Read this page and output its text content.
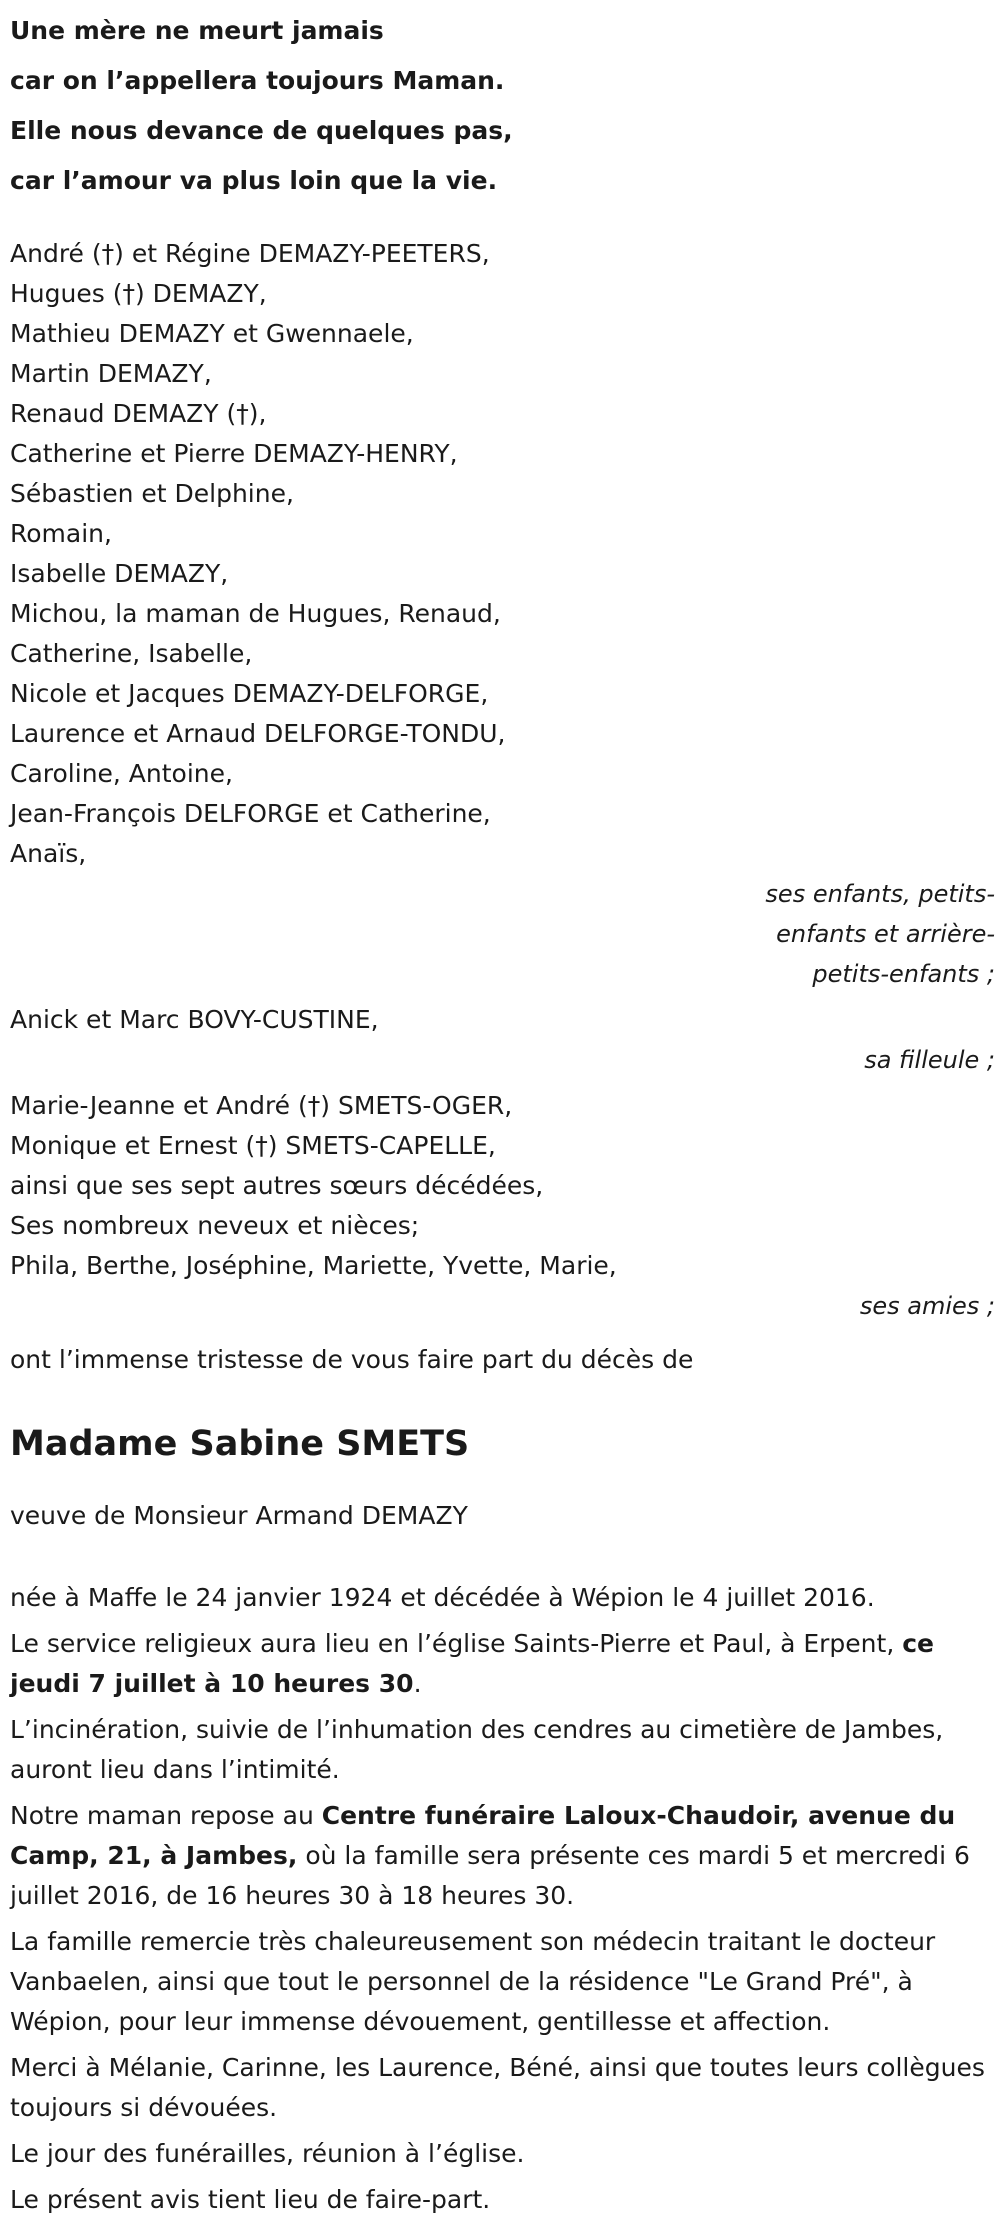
Une mère ne meurt jamais
car on l’appellera toujours Maman.
Elle nous devance de quelques pas,
car l’amour va plus loin que la vie.
André (†) et Régine DEMAZY-PEETERS,
Hugues (†) DEMAZY,
Mathieu DEMAZY et Gwennaele,
Martin DEMAZY,
Renaud DEMAZY (†),
Catherine et Pierre DEMAZY-HENRY,
Sébastien et Delphine,
Romain,
Isabelle DEMAZY,
Michou, la maman de Hugues, Renaud,
Catherine, Isabelle,
Nicole et Jacques DEMAZY-DELFORGE,
Laurence et Arnaud DELFORGE-TONDU,
Caroline, Antoine,
Jean-François DELFORGE et Catherine,
Anaïs,
ses enfants, petits-
enfants et arrière-
petits-enfants ;
Anick et Marc BOVY-CUSTINE,
sa filleule ;
Marie-Jeanne et André (†) SMETS-OGER,
Monique et Ernest (†) SMETS-CAPELLE,
ainsi que ses sept autres sœurs décédées,
Ses nombreux neveux et nièces;
Phila, Berthe, Joséphine, Mariette, Yvette, Marie,
ses amies ;
ont l’immense tristesse de vous faire part du décès de
Madame Sabine SMETS
veuve de Monsieur Armand DEMAZY
née à Maffe le 24 janvier 1924 et décédée à Wépion le 4 juillet 2016.
Le service religieux aura lieu en l’église Saints-Pierre et Paul, à Erpent, ce jeudi 7 juillet à 10 heures 30.
L’incinération, suivie de l’inhumation des cendres au cimetière de Jambes, auront lieu dans l’intimité.
Notre maman repose au Centre funéraire Laloux-Chaudoir, avenue du Camp, 21, à Jambes, où la famille sera présente ces mardi 5 et mercredi 6 juillet 2016, de 16 heures 30 à 18 heures 30.
La famille remercie très chaleureusement son médecin traitant le docteur Vanbaelen, ainsi que tout le personnel de la résidence "Le Grand Pré", à Wépion, pour leur immense dévouement, gentillesse et affection.
Merci à Mélanie, Carinne, les Laurence, Béné, ainsi que toutes leurs collègues toujours si dévouées.
Le jour des funérailles, réunion à l’église.
Le présent avis tient lieu de faire-part.
